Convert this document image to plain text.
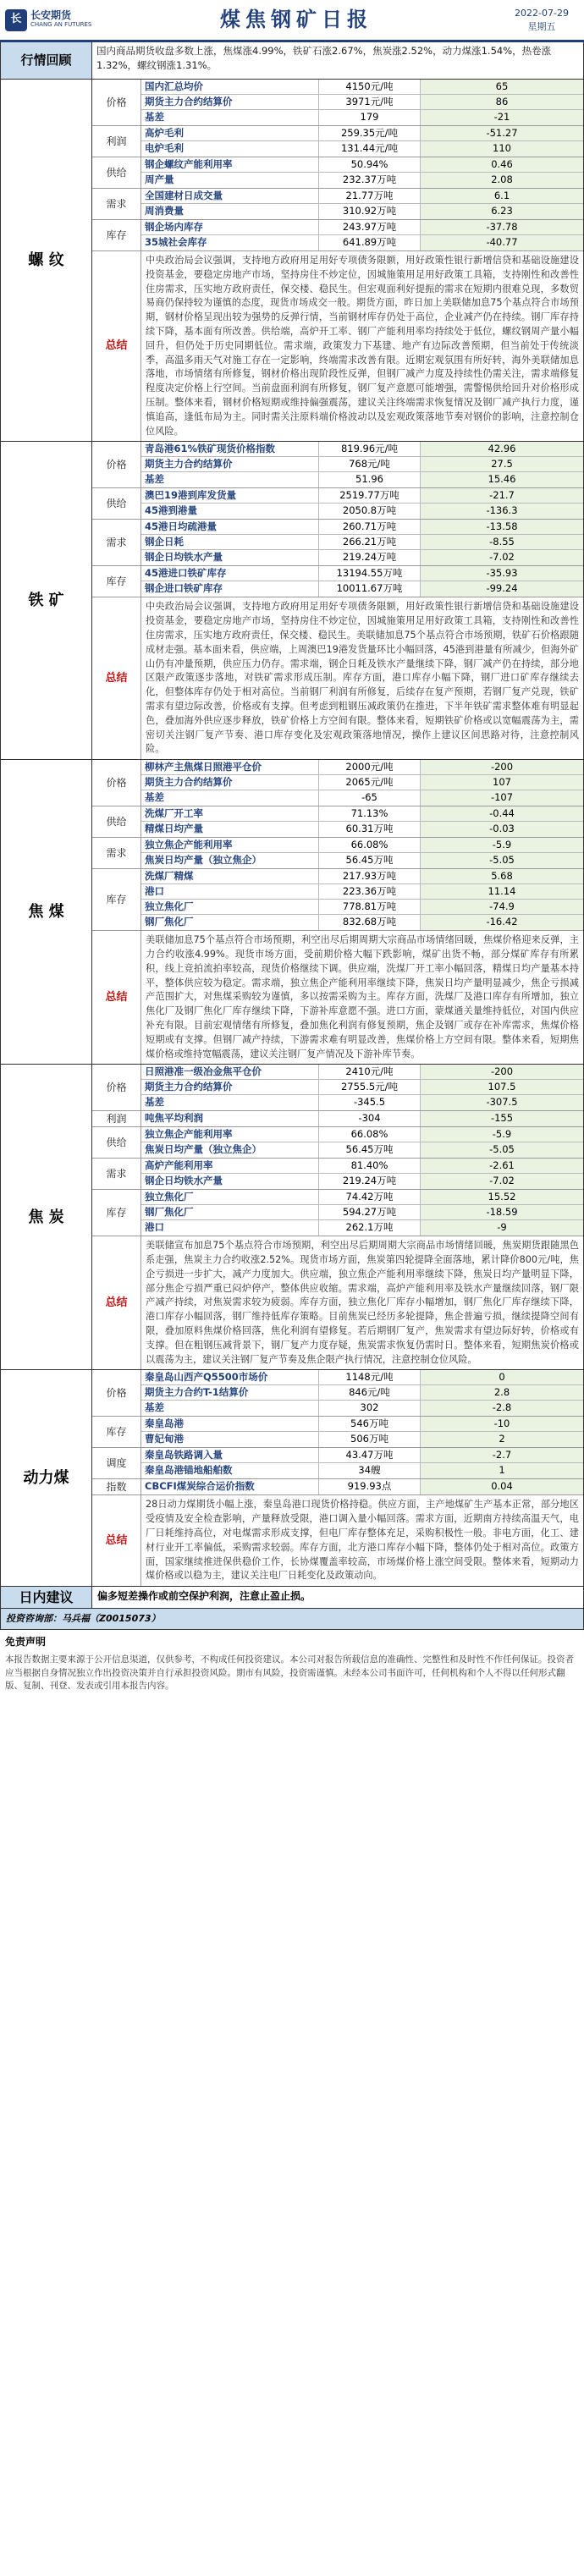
长 长安期货
CHANG AN FUTURES	煤焦钢矿日报	2022-07-29
星期五
行情回顾
国内商品期货收盘多数上涨，焦煤涨4.99%，铁矿石涨2.67%，焦炭涨2.52%，动力煤涨1.54%，热卷涨1.32%，螺纹钢涨1.31%。
螺 纹
价格
国内汇总均价	4150元/吨	65
期货主力合约结算价	3971元/吨	86
基差	179	-21
利润
高炉毛利	259.35元/吨	-51.27
电炉毛利	131.44元/吨	110
供给
钢企螺纹产能利用率	50.94%	0.46
周产量	232.37万吨	2.08
需求
全国建材日成交量	21.77万吨	6.1
周消费量	310.92万吨	6.23
库存
钢企场内库存	243.97万吨	-37.78
35城社会库存	641.89万吨	-40.77
总结
中央政治局会议强调，支持地方政府用足用好专项债务限额，用好政策性银行新增信贷和基础设施建设投资基金，要稳定房地产市场，坚持房住不炒定位，因城施策用足用好政策工具箱，支持刚性和改善性住房需求，压实地方政府责任，保交楼、稳民生。但宏观面利好提振的需求在短期内很难兑现，多数贸易商仍保持较为谨慎的态度，现货市场成交一般。期货方面，昨日加上美联储加息75个基点符合市场预期，钢材价格呈现出较为强势的反弹行情，当前钢材库存仍处于高位，企业减产仍在持续。钢厂库存持续下降，基本面有所改善。供给端，高炉开工率、钢厂产能利用率均持续处于低位，螺纹钢周产量小幅回升，但仍处于历史同期低位。需求端，政策发力下基建、地产有边际改善预期，但当前处于传统淡季，高温多雨天气对施工存在一定影响，终端需求改善有限。近期宏观氛围有所好转，海外美联储加息落地，市场情绪有所修复，钢材价格出现阶段性反弹，但钢厂减产力度及持续性仍需关注，需求端修复程度决定价格上行空间。当前盘面利润有所修复，钢厂复产意愿可能增强，需警惕供给回升对价格形成压制。整体来看，钢材价格短期或维持偏强震荡，建议关注终端需求恢复情况及钢厂减产执行力度，谨慎追高，逢低布局为主。同时需关注原料端价格波动以及宏观政策落地节奏对钢价的影响，注意控制仓位风险。
铁 矿
价格
青岛港61%铁矿现货价格指数	819.96元/吨	42.96
期货主力合约结算价	768元/吨	27.5
基差	51.96	15.46
供给
澳巴19港到库发货量	2519.77万吨	-21.7
45港到港量	2050.8万吨	-136.3
需求
45港日均疏港量	260.71万吨	-13.58
钢企日耗	266.21万吨	-8.55
钢企日均铁水产量	219.24万吨	-7.02
库存
45港进口铁矿库存	13194.55万吨	-35.93
钢企进口铁矿库存	10011.67万吨	-99.24
总结
中央政治局会议强调，支持地方政府用足用好专项债务限额，用好政策性银行新增信贷和基础设施建设投资基金，要稳定房地产市场，坚持房住不炒定位，因城施策用足用好政策工具箱，支持刚性和改善性住房需求，压实地方政府责任，保交楼、稳民生。美联储加息75个基点符合市场预期，铁矿石价格跟随成材走强。基本面来看，供应端，上周澳巴19港发货量环比小幅回落，45港到港量有所减少，但海外矿山仍有冲量预期，供应压力仍存。需求端，钢企日耗及铁水产量继续下降，钢厂减产仍在持续，部分地区限产政策逐步落地，对铁矿需求形成压制。库存方面，港口库存小幅下降，钢厂进口矿库存继续去化，但整体库存仍处于相对高位。当前钢厂利润有所修复，后续存在复产预期，若钢厂复产兑现，铁矿需求有望边际改善，价格或有支撑。但考虑到粗钢压减政策仍在推进，下半年铁矿需求整体难有明显起色，叠加海外供应逐步释放，铁矿价格上方空间有限。整体来看，短期铁矿价格或以宽幅震荡为主，需密切关注钢厂复产节奏、港口库存变化及宏观政策落地情况，操作上建议区间思路对待，注意控制风险。
焦 煤
价格
柳林产主焦煤日照港平仓价	2000元/吨	-200
期货主力合约结算价	2065元/吨	107
基差	-65	-107
供给
洗煤厂开工率	71.13%	-0.44
精煤日均产量	60.31万吨	-0.03
需求
独立焦企产能利用率	66.08%	-5.9
焦炭日均产量（独立焦企）	56.45万吨	-5.05
库存
洗煤厂精煤	217.93万吨	5.68
港口	223.36万吨	11.14
独立焦化厂	778.81万吨	-74.9
钢厂焦化厂	832.68万吨	-16.42
总结
美联储加息75个基点符合市场预期，利空出尽后期周期大宗商品市场情绪回暖，焦煤价格迎来反弹，主力合约收涨4.99%。现货市场方面，受前期价格大幅下跌影响，煤矿出货不畅，部分煤矿库存有所累积，线上竞拍流拍率较高，现货价格继续下调。供应端，洗煤厂开工率小幅回落，精煤日均产量基本持平，整体供应较为稳定。需求端，独立焦企产能利用率继续下降，焦炭日均产量明显减少，焦企亏损减产范围扩大，对焦煤采购较为谨慎，多以按需采购为主。库存方面，洗煤厂及港口库存有所增加，独立焦化厂及钢厂焦化厂库存继续下降，下游补库意愿不强。进口方面，蒙煤通关量维持低位，对国内供应补充有限。目前宏观情绪有所修复，叠加焦化利润有修复预期，焦企及钢厂或存在补库需求，焦煤价格短期或有支撑。但钢厂减产持续，下游需求难有明显改善，焦煤价格上方空间有限。整体来看，短期焦煤价格或维持宽幅震荡，建议关注钢厂复产情况及下游补库节奏。
焦 炭
价格
日照港准一级冶金焦平仓价	2410元/吨	-200
期货主力合约结算价	2755.5元/吨	107.5
基差	-345.5	-307.5
利润	吨焦平均利润	-304	-155
供给
独立焦企产能利用率	66.08%	-5.9
焦炭日均产量（独立焦企）	56.45万吨	-5.05
需求
高炉产能利用率	81.40%	-2.61
钢企日均铁水产量	219.24万吨	-7.02
库存
独立焦化厂	74.42万吨	15.52
钢厂焦化厂	594.27万吨	-18.59
港口	262.1万吨	-9
总结
美联储宣布加息75个基点符合市场预期，利空出尽后期周期大宗商品市场情绪回暖，焦炭期货跟随黑色系走强，焦炭主力合约收涨2.52%。现货市场方面，焦炭第四轮提降全面落地，累计降价800元/吨，焦企亏损进一步扩大，减产力度加大。供应端，独立焦企产能利用率继续下降，焦炭日均产量明显下降，部分焦企亏损严重已闷炉停产，整体供应收缩。需求端，高炉产能利用率及铁水产量继续回落，钢厂限产减产持续，对焦炭需求较为疲弱。库存方面，独立焦化厂库存小幅增加，钢厂焦化厂库存继续下降，港口库存小幅回落，钢厂维持低库存策略。目前焦炭已经历多轮提降，焦企普遍亏损，继续提降空间有限，叠加原料焦煤价格回落，焦化利润有望修复。若后期钢厂复产，焦炭需求有望边际好转，价格或有支撑。但在粗钢压减背景下，钢厂复产力度存疑，焦炭需求恢复仍需时日。整体来看，短期焦炭价格或以震荡为主，建议关注钢厂复产节奏及焦企限产执行情况，注意控制仓位风险。
动力煤
价格
秦皇岛山西产Q5500市场价	1148元/吨	0
期货主力合约T-1结算价	846元/吨	2.8
基差	302	-2.8
库存
秦皇岛港	546万吨	-10
曹妃甸港	506万吨	2
调度
秦皇岛铁路调入量	43.47万吨	-2.7
秦皇岛港锚地船舶数	34艘	1
指数	CBCFI煤炭综合运价指数	919.93点	0.04
总结
28日动力煤期货小幅上涨，秦皇岛港口现货价格持稳。供应方面，主产地煤矿生产基本正常，部分地区受疫情及安全检查影响，产量释放受限，港口调入量小幅回落。需求方面，近期南方持续高温天气，电厂日耗维持高位，对电煤需求形成支撑，但电厂库存整体充足，采购积极性一般。非电方面，化工、建材行业开工率偏低，采购需求较弱。库存方面，北方港口库存小幅下降，整体仍处于相对高位。政策方面，国家继续推进保供稳价工作，长协煤覆盖率较高，市场煤价格上涨空间受限。整体来看，短期动力煤价格或以稳为主，建议关注电厂日耗变化及政策动向。
日内建议	偏多短差操作或前空保护利润，注意止盈止损。
投资咨询部：马兵福（Z0015073）
免责声明
本报告数据主要来源于公开信息渠道，仅供参考，不构成任何投资建议。本公司对报告所载信息的准确性、完整性和及时性不作任何保证。投资者应当根据自身情况独立作出投资决策并自行承担投资风险。期市有风险，投资需谨慎。未经本公司书面许可，任何机构和个人不得以任何形式翻版、复制、刊登、发表或引用本报告内容。
